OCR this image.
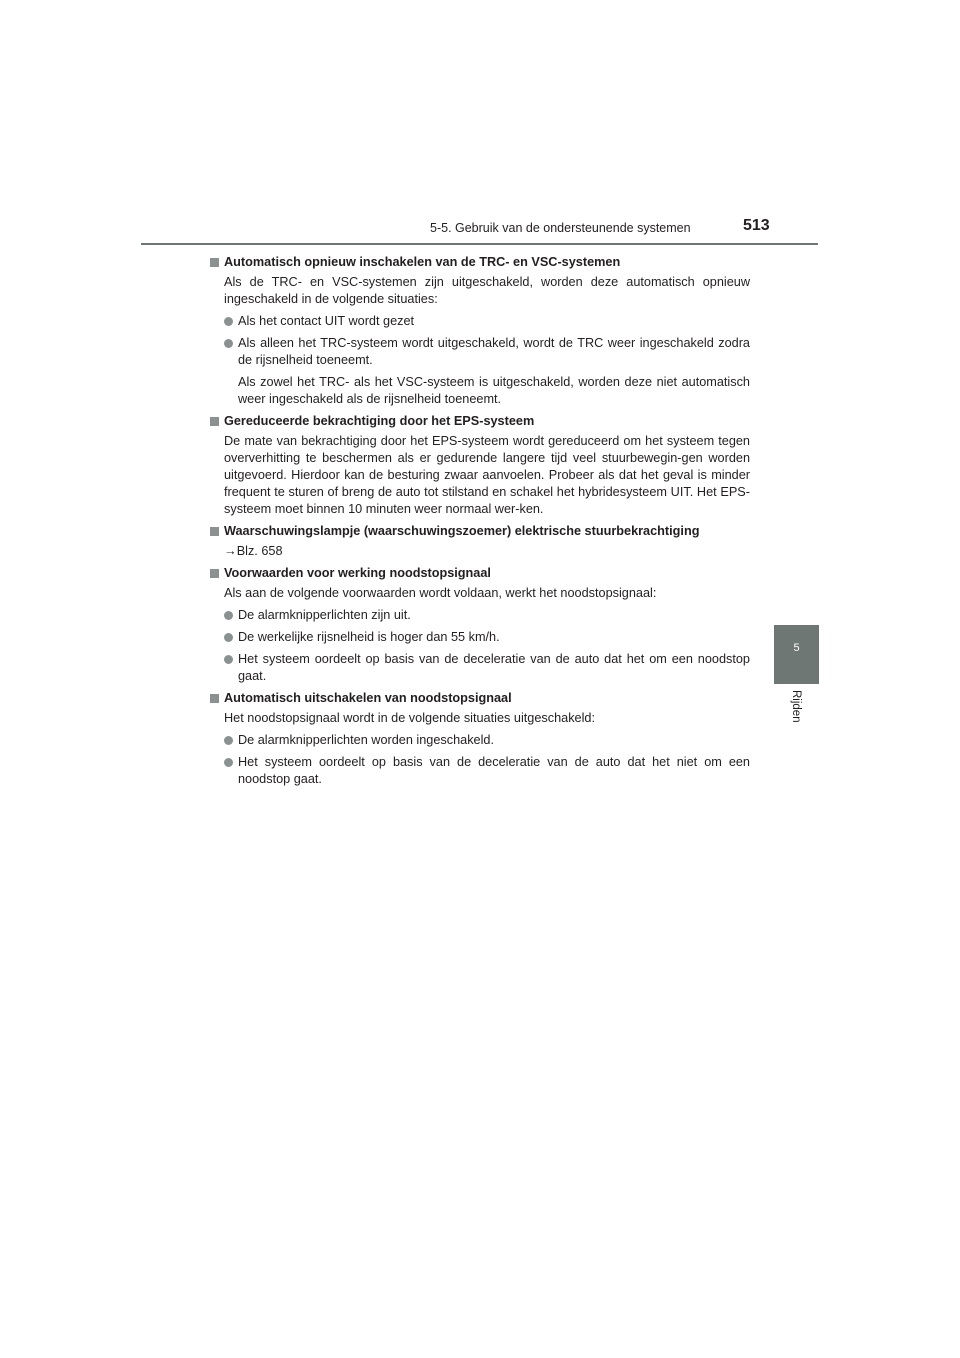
5-5. Gebruik van de ondersteunende systemen	513
5
Rijden
Automatisch opnieuw inschakelen van de TRC- en VSC-systemen
Als de TRC- en VSC-systemen zijn uitgeschakeld, worden deze automatisch opnieuw ingeschakeld in de volgende situaties:
Als het contact UIT wordt gezet
Als alleen het TRC-systeem wordt uitgeschakeld, wordt de TRC weer ingeschakeld zodra de rijsnelheid toeneemt.
Als zowel het TRC- als het VSC-systeem is uitgeschakeld, worden deze niet automatisch weer ingeschakeld als de rijsnelheid toeneemt.
Gereduceerde bekrachtiging door het EPS-systeem
De mate van bekrachtiging door het EPS-systeem wordt gereduceerd om het systeem tegen oververhitting te beschermen als er gedurende langere tijd veel stuurbewegin-gen worden uitgevoerd. Hierdoor kan de besturing zwaar aanvoelen. Probeer als dat het geval is minder frequent te sturen of breng de auto tot stilstand en schakel het hybridesysteem UIT. Het EPS-systeem moet binnen 10 minuten weer normaal wer-ken.
Waarschuwingslampje (waarschuwingszoemer) elektrische stuurbekrachtiging
→Blz. 658
Voorwaarden voor werking noodstopsignaal
Als aan de volgende voorwaarden wordt voldaan, werkt het noodstopsignaal:
De alarmknipperlichten zijn uit.
De werkelijke rijsnelheid is hoger dan 55 km/h.
Het systeem oordeelt op basis van de deceleratie van de auto dat het om een noodstop gaat.
Automatisch uitschakelen van noodstopsignaal
Het noodstopsignaal wordt in de volgende situaties uitgeschakeld:
De alarmknipperlichten worden ingeschakeld.
Het systeem oordeelt op basis van de deceleratie van de auto dat het niet om een noodstop gaat.
